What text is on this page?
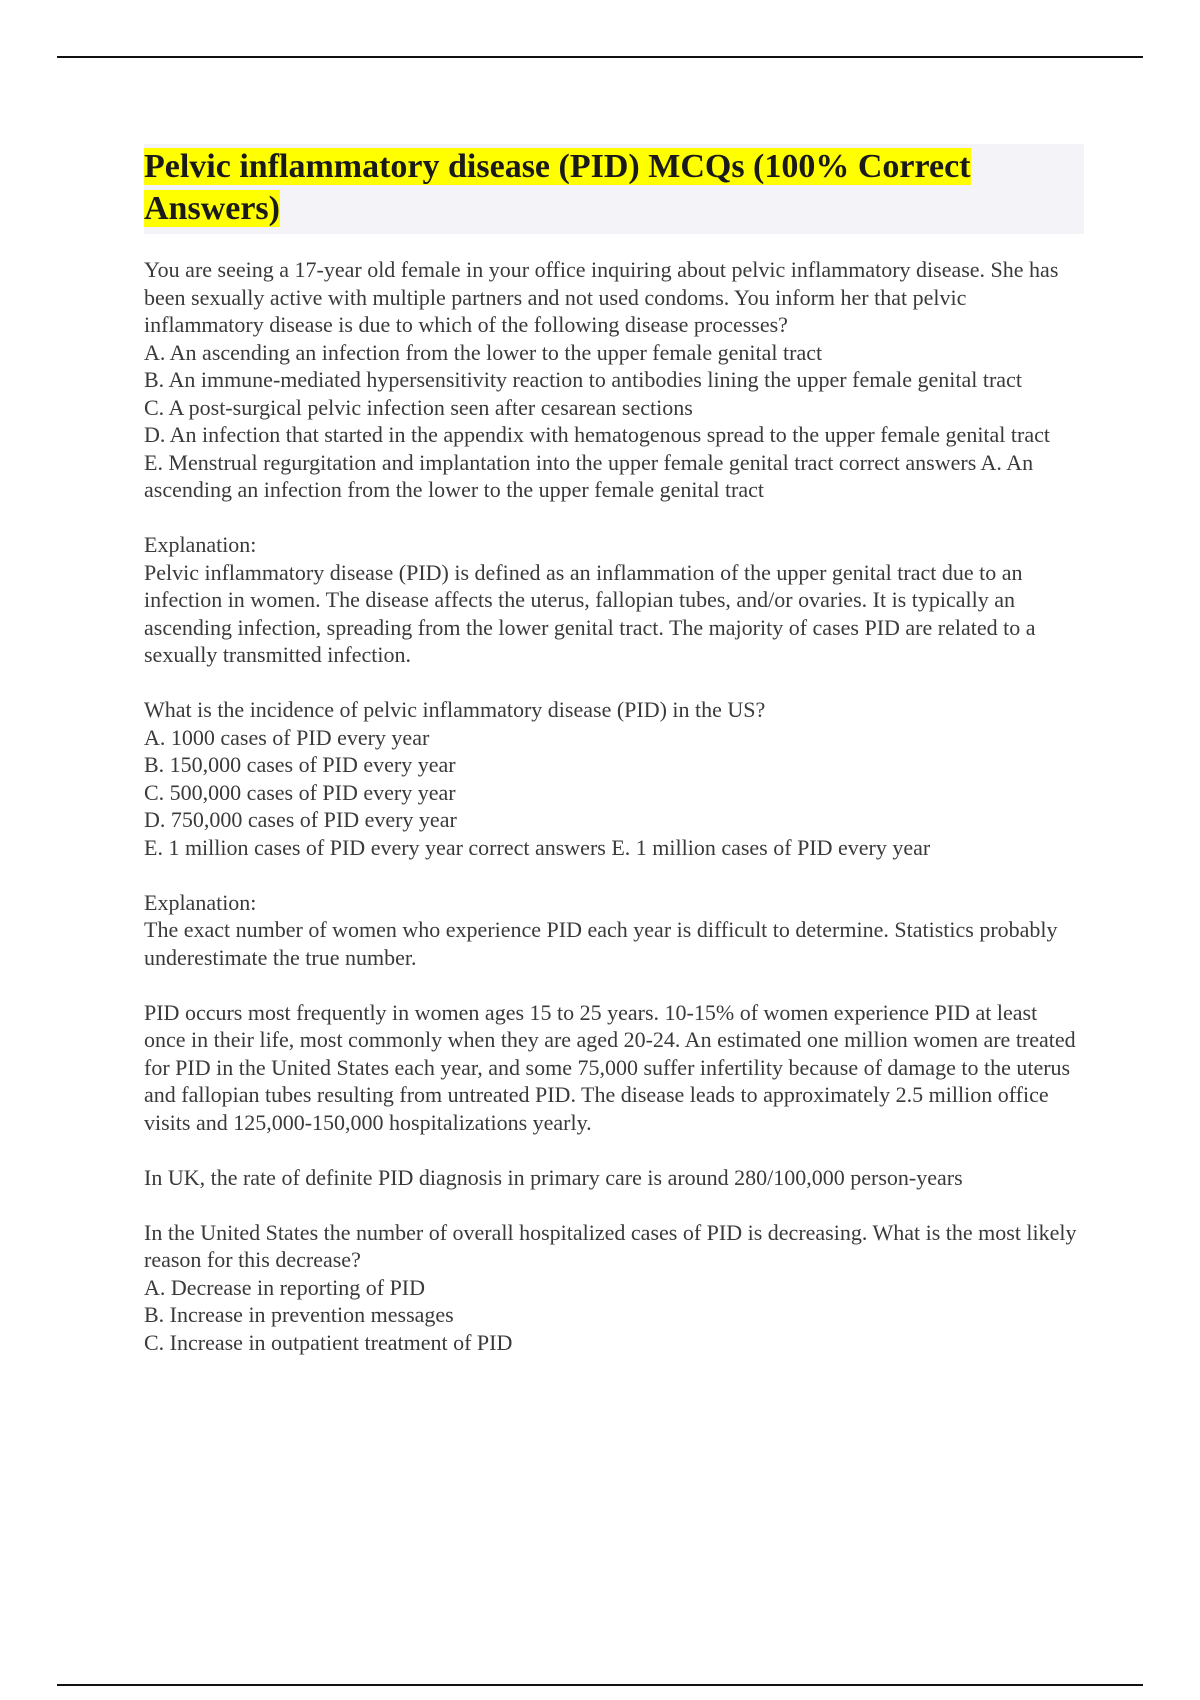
Pelvic inflammatory disease (PID) MCQs (100% Correct Answers)

You are seeing a 17-year old female in your office inquiring about pelvic inflammatory disease. She has been sexually active with multiple partners and not used condoms. You inform her that pelvic inflammatory disease is due to which of the following disease processes?

A. An ascending an infection from the lower to the upper female genital tract

B. An immune-mediated hypersensitivity reaction to antibodies lining the upper female genital tract

C. A post-surgical pelvic infection seen after cesarean sections

D. An infection that started in the appendix with hematogenous spread to the upper female genital tract

E. Menstrual regurgitation and implantation into the upper female genital tract correct answers A. An ascending an infection from the lower to the upper female genital tract

Explanation:

Pelvic inflammatory disease (PID) is defined as an inflammation of the upper genital tract due to an infection in women. The disease affects the uterus, fallopian tubes, and/or ovaries. It is typically an ascending infection, spreading from the lower genital tract. The majority of cases PID are related to a sexually transmitted infection.

What is the incidence of pelvic inflammatory disease (PID) in the US?

A. 1000 cases of PID every year

B. 150,000 cases of PID every year

C. 500,000 cases of PID every year

D. 750,000 cases of PID every year

E. 1 million cases of PID every year correct answers E. 1 million cases of PID every year

Explanation:

The exact number of women who experience PID each year is difficult to determine. Statistics probably underestimate the true number.

PID occurs most frequently in women ages 15 to 25 years. 10-15% of women experience PID at least once in their life, most commonly when they are aged 20-24. An estimated one million women are treated for PID in the United States each year, and some 75,000 suffer infertility because of damage to the uterus and fallopian tubes resulting from untreated PID. The disease leads to approximately 2.5 million office visits and 125,000-150,000 hospitalizations yearly.

In UK, the rate of definite PID diagnosis in primary care is around 280/100,000 person-years

In the United States the number of overall hospitalized cases of PID is decreasing. What is the most likely reason for this decrease?

A. Decrease in reporting of PID

B. Increase in prevention messages

C. Increase in outpatient treatment of PID
